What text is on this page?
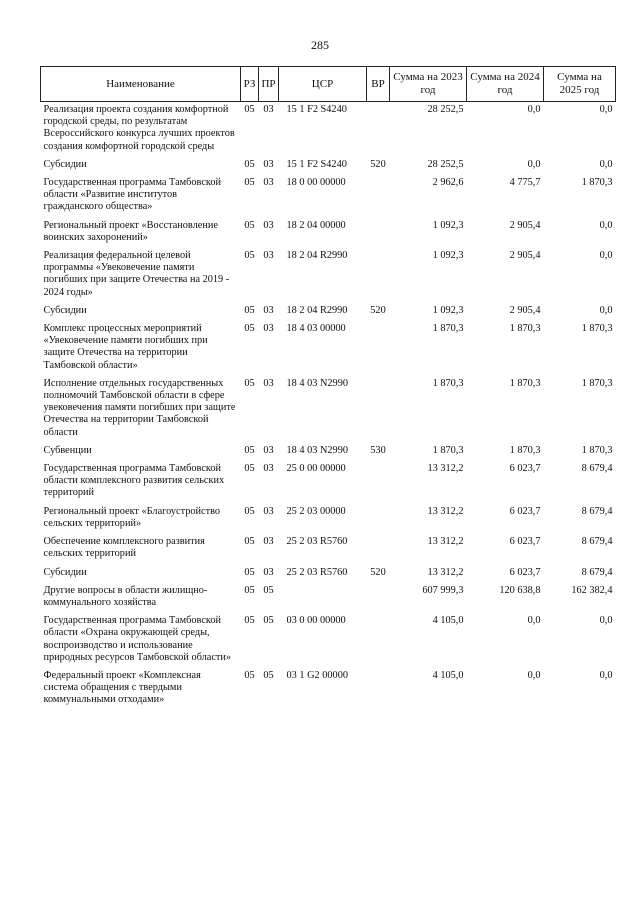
285
Наименование	РЗ	ПР	ЦСР	ВР	Сумма на 2023 год	Сумма на 2024 год	Сумма на 2025 год
Реализация проекта создания комфортной городской среды, по результатам Всероссийского конкурса лучших проектов создания комфортной городской среды	05	03	15 1 F2 S4240		28 252,5	0,0	0,0
Субсидии	05	03	15 1 F2 S4240	520	28 252,5	0,0	0,0
Государственная программа Тамбовской области «Развитие институтов гражданского общества»	05	03	18 0 00 00000		2 962,6	4 775,7	1 870,3
Региональный проект «Восстановление воинских захоронений»	05	03	18 2 04 00000		1 092,3	2 905,4	0,0
Реализация федеральной целевой программы «Увековечение памяти погибших при защите Отечества на 2019 - 2024 годы»	05	03	18 2 04 R2990		1 092,3	2 905,4	0,0
Субсидии	05	03	18 2 04 R2990	520	1 092,3	2 905,4	0,0
Комплекс процессных мероприятий «Увековечение памяти погибших при защите Отечества на территории Тамбовской области»	05	03	18 4 03 00000		1 870,3	1 870,3	1 870,3
Исполнение отдельных государственных полномочий Тамбовской области в сфере увековечения памяти погибших при защите Отечества на территории Тамбовской области	05	03	18 4 03 N2990		1 870,3	1 870,3	1 870,3
Субвенции	05	03	18 4 03 N2990	530	1 870,3	1 870,3	1 870,3
Государственная программа Тамбовской области комплексного развития сельских территорий	05	03	25 0 00 00000		13 312,2	6 023,7	8 679,4
Региональный проект «Благоустройство сельских территорий»	05	03	25 2 03 00000		13 312,2	6 023,7	8 679,4
Обеспечение комплексного развития сельских территорий	05	03	25 2 03 R5760		13 312,2	6 023,7	8 679,4
Субсидии	05	03	25 2 03 R5760	520	13 312,2	6 023,7	8 679,4
Другие вопросы в области жилищно-коммунального хозяйства	05	05			607 999,3	120 638,8	162 382,4
Государственная программа Тамбовской области «Охрана окружающей среды, воспроизводство и использование природных ресурсов Тамбовской области»	05	05	03 0 00 00000		4 105,0	0,0	0,0
Федеральный проект «Комплексная система обращения с твердыми коммунальными отходами»	05	05	03 1 G2 00000		4 105,0	0,0	0,0
